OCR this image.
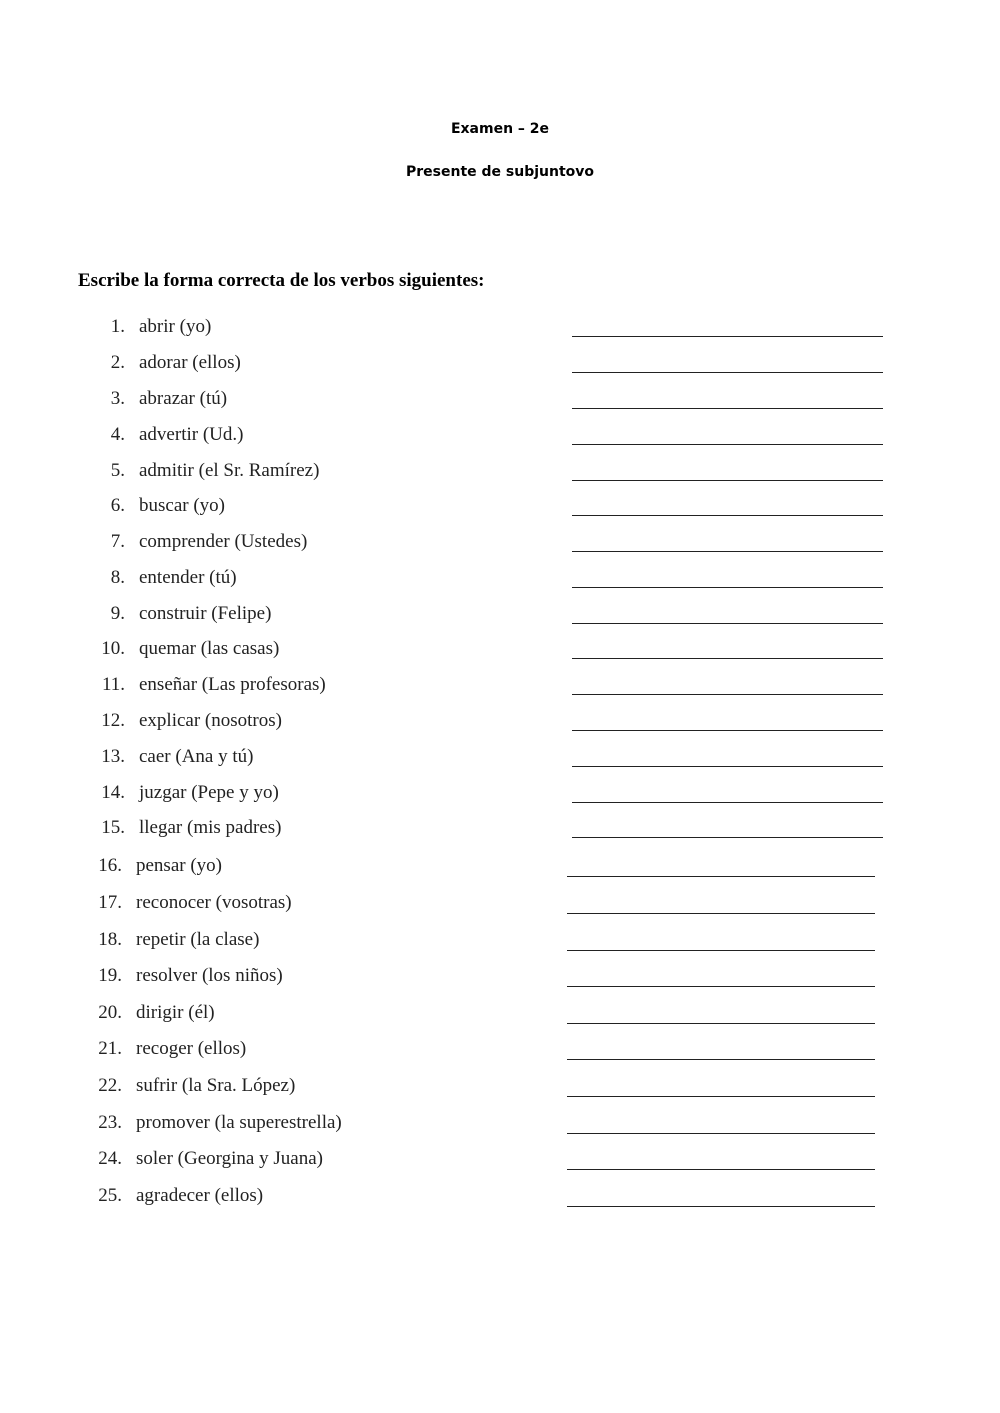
Examen – 2e
Presente de subjuntovo
Escribe la forma correcta de los verbos siguientes:
1. abrir (yo)
2. adorar (ellos)
3. abrazar (tú)
4. advertir (Ud.)
5. admitir (el Sr. Ramírez)
6. buscar (yo)
7. comprender (Ustedes)
8. entender (tú)
9. construir (Felipe)
10. quemar (las casas)
11. enseñar (Las profesoras)
12. explicar (nosotros)
13. caer (Ana y tú)
14. juzgar (Pepe y yo)
15. llegar (mis padres)
16. pensar (yo)
17. reconocer (vosotras)
18. repetir (la clase)
19. resolver (los niños)
20. dirigir (él)
21. recoger (ellos)
22. sufrir (la Sra. López)
23. promover (la superestrella)
24. soler (Georgina y Juana)
25. agradecer (ellos)
